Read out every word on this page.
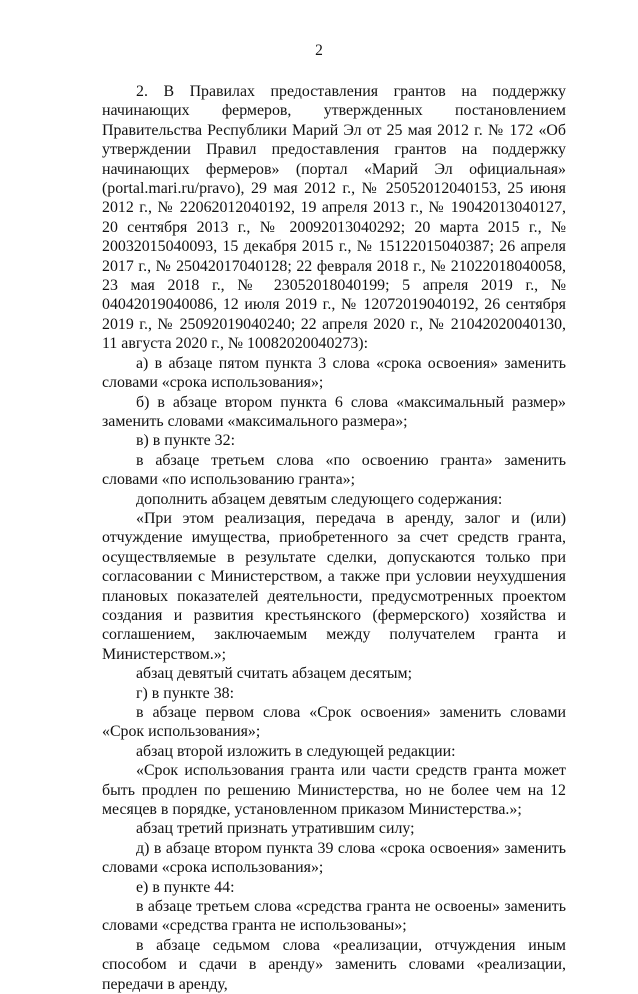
2

2. В Правилах предоставления грантов на поддержку начинающих фермеров, утвержденных постановлением Правительства Республики Марий Эл от 25 мая 2012 г. № 172 «Об утверждении Правил предоставления грантов на поддержку начинающих фермеров» (портал «Марий Эл официальная» (portal.mari.ru/pravo), 29 мая 2012 г., № 25052012040153, 25 июня 2012 г., № 22062012040192, 19 апреля 2013 г., № 19042013040127, 20 сентября 2013 г., № 20092013040292; 20 марта 2015 г., № 20032015040093, 15 декабря 2015 г., № 15122015040387; 26 апреля 2017 г., № 25042017040128; 22 февраля 2018 г., № 21022018040058, 23 мая 2018 г., № 23052018040199; 5 апреля 2019 г., № 04042019040086, 12 июля 2019 г., № 12072019040192, 26 сентября 2019 г., № 25092019040240; 22 апреля 2020 г., № 21042020040130, 11 августа 2020 г., № 10082020040273):

а) в абзаце пятом пункта 3 слова «срока освоения» заменить словами «срока использования»;

б) в абзаце втором пункта 6 слова «максимальный размер» заменить словами «максимального размера»;

в) в пункте 32:

в абзаце третьем слова «по освоению гранта» заменить словами «по использованию гранта»;

дополнить абзацем девятым следующего содержания:

«При этом реализация, передача в аренду, залог и (или) отчуждение имущества, приобретенного за счет средств гранта, осуществляемые в результате сделки, допускаются только при согласовании с Министерством, а также при условии неухудшения плановых показателей деятельности, предусмотренных проектом создания и развития крестьянского (фермерского) хозяйства и соглашением, заключаемым между получателем гранта и Министерством.»;

абзац девятый считать абзацем десятым;

г) в пункте 38:

в абзаце первом слова «Срок освоения» заменить словами «Срок использования»;

абзац второй изложить в следующей редакции:

«Срок использования гранта или части средств гранта может быть продлен по решению Министерства, но не более чем на 12 месяцев в порядке, установленном приказом Министерства.»;

абзац третий признать утратившим силу;

д) в абзаце втором пункта 39 слова «срока освоения» заменить словами «срока использования»;

е) в пункте 44:

в абзаце третьем слова «средства гранта не освоены» заменить словами «средства гранта не использованы»;

в абзаце седьмом слова «реализации, отчуждения иным способом и сдачи в аренду» заменить словами «реализации, передачи в аренду,
